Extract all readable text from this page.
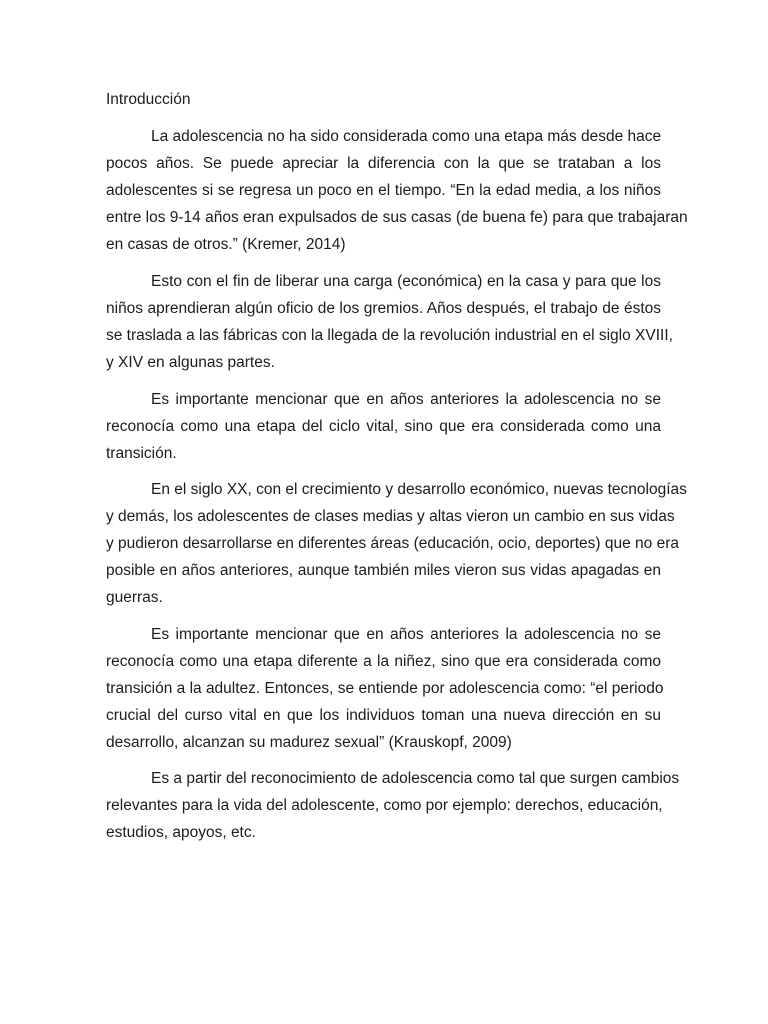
Introducción

La adolescencia no ha sido considerada como una etapa más desde hace
pocos años. Se puede apreciar la diferencia con la que se trataban a los
adolescentes si se regresa un poco en el tiempo. “En la edad media, a los niños
entre los 9-14 años eran expulsados de sus casas (de buena fe) para que trabajaran
en casas de otros.” (Kremer, 2014)

Esto con el fin de liberar una carga (económica) en la casa y para que los
niños aprendieran algún oficio de los gremios. Años después, el trabajo de éstos
se traslada a las fábricas con la llegada de la revolución industrial en el siglo XVIII,
y XIV en algunas partes.

Es importante mencionar que en años anteriores la adolescencia no se
reconocía como una etapa del ciclo vital, sino que era considerada como una
transición.

En el siglo XX, con el crecimiento y desarrollo económico, nuevas tecnologías
y demás, los adolescentes de clases medias y altas vieron un cambio en sus vidas
y pudieron desarrollarse en diferentes áreas (educación, ocio, deportes) que no era
posible en años anteriores, aunque también miles vieron sus vidas apagadas en
guerras.

Es importante mencionar que en años anteriores la adolescencia no se
reconocía como una etapa diferente a la niñez, sino que era considerada como
transición a la adultez. Entonces, se entiende por adolescencia como: “el periodo
crucial del curso vital en que los individuos toman una nueva dirección en su
desarrollo, alcanzan su madurez sexual” (Krauskopf, 2009)

Es a partir del reconocimiento de adolescencia como tal que surgen cambios
relevantes para la vida del adolescente, como por ejemplo: derechos, educación,
estudios, apoyos, etc.
